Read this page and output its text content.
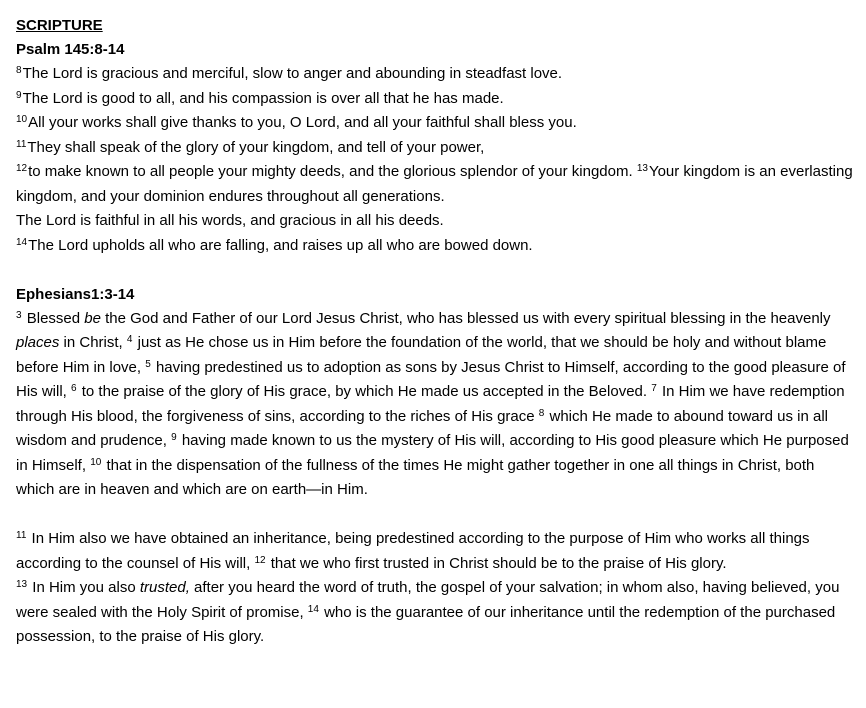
SCRIPTURE
Psalm 145:8-14
$^8$The Lord is gracious and merciful, slow to anger and abounding in steadfast love.
$^9$The Lord is good to all, and his compassion is over all that he has made.
$^{10}$All your works shall give thanks to you, O Lord, and all your faithful shall bless you.
$^{11}$They shall speak of the glory of your kingdom, and tell of your power,
$^{12}$to make known to all people your mighty deeds, and the glorious splendor of your kingdom. $^{13}$Your kingdom is an everlasting kingdom, and your dominion endures throughout all generations.
The Lord is faithful in all his words, and gracious in all his deeds.
$^{14}$The Lord upholds all who are falling, and raises up all who are bowed down.
Ephesians1:3-14
$^3$ Blessed be the God and Father of our Lord Jesus Christ, who has blessed us with every spiritual blessing in the heavenly places in Christ, $^4$ just as He chose us in Him before the foundation of the world, that we should be holy and without blame before Him in love, $^5$ having predestined us to adoption as sons by Jesus Christ to Himself, according to the good pleasure of His will, $^6$ to the praise of the glory of His grace, by which He made us accepted in the Beloved. $^7$ In Him we have redemption through His blood, the forgiveness of sins, according to the riches of His grace $^8$ which He made to abound toward us in all wisdom and prudence, $^9$ having made known to us the mystery of His will, according to His good pleasure which He purposed in Himself, $^{10}$ that in the dispensation of the fullness of the times He might gather together in one all things in Christ, both which are in heaven and which are on earth—in Him.
$^{11}$ In Him also we have obtained an inheritance, being predestined according to the purpose of Him who works all things according to the counsel of His will, $^{12}$ that we who first trusted in Christ should be to the praise of His glory.
$^{13}$ In Him you also trusted, after you heard the word of truth, the gospel of your salvation; in whom also, having believed, you were sealed with the Holy Spirit of promise, $^{14}$ who is the guarantee of our inheritance until the redemption of the purchased possession, to the praise of His glory.
